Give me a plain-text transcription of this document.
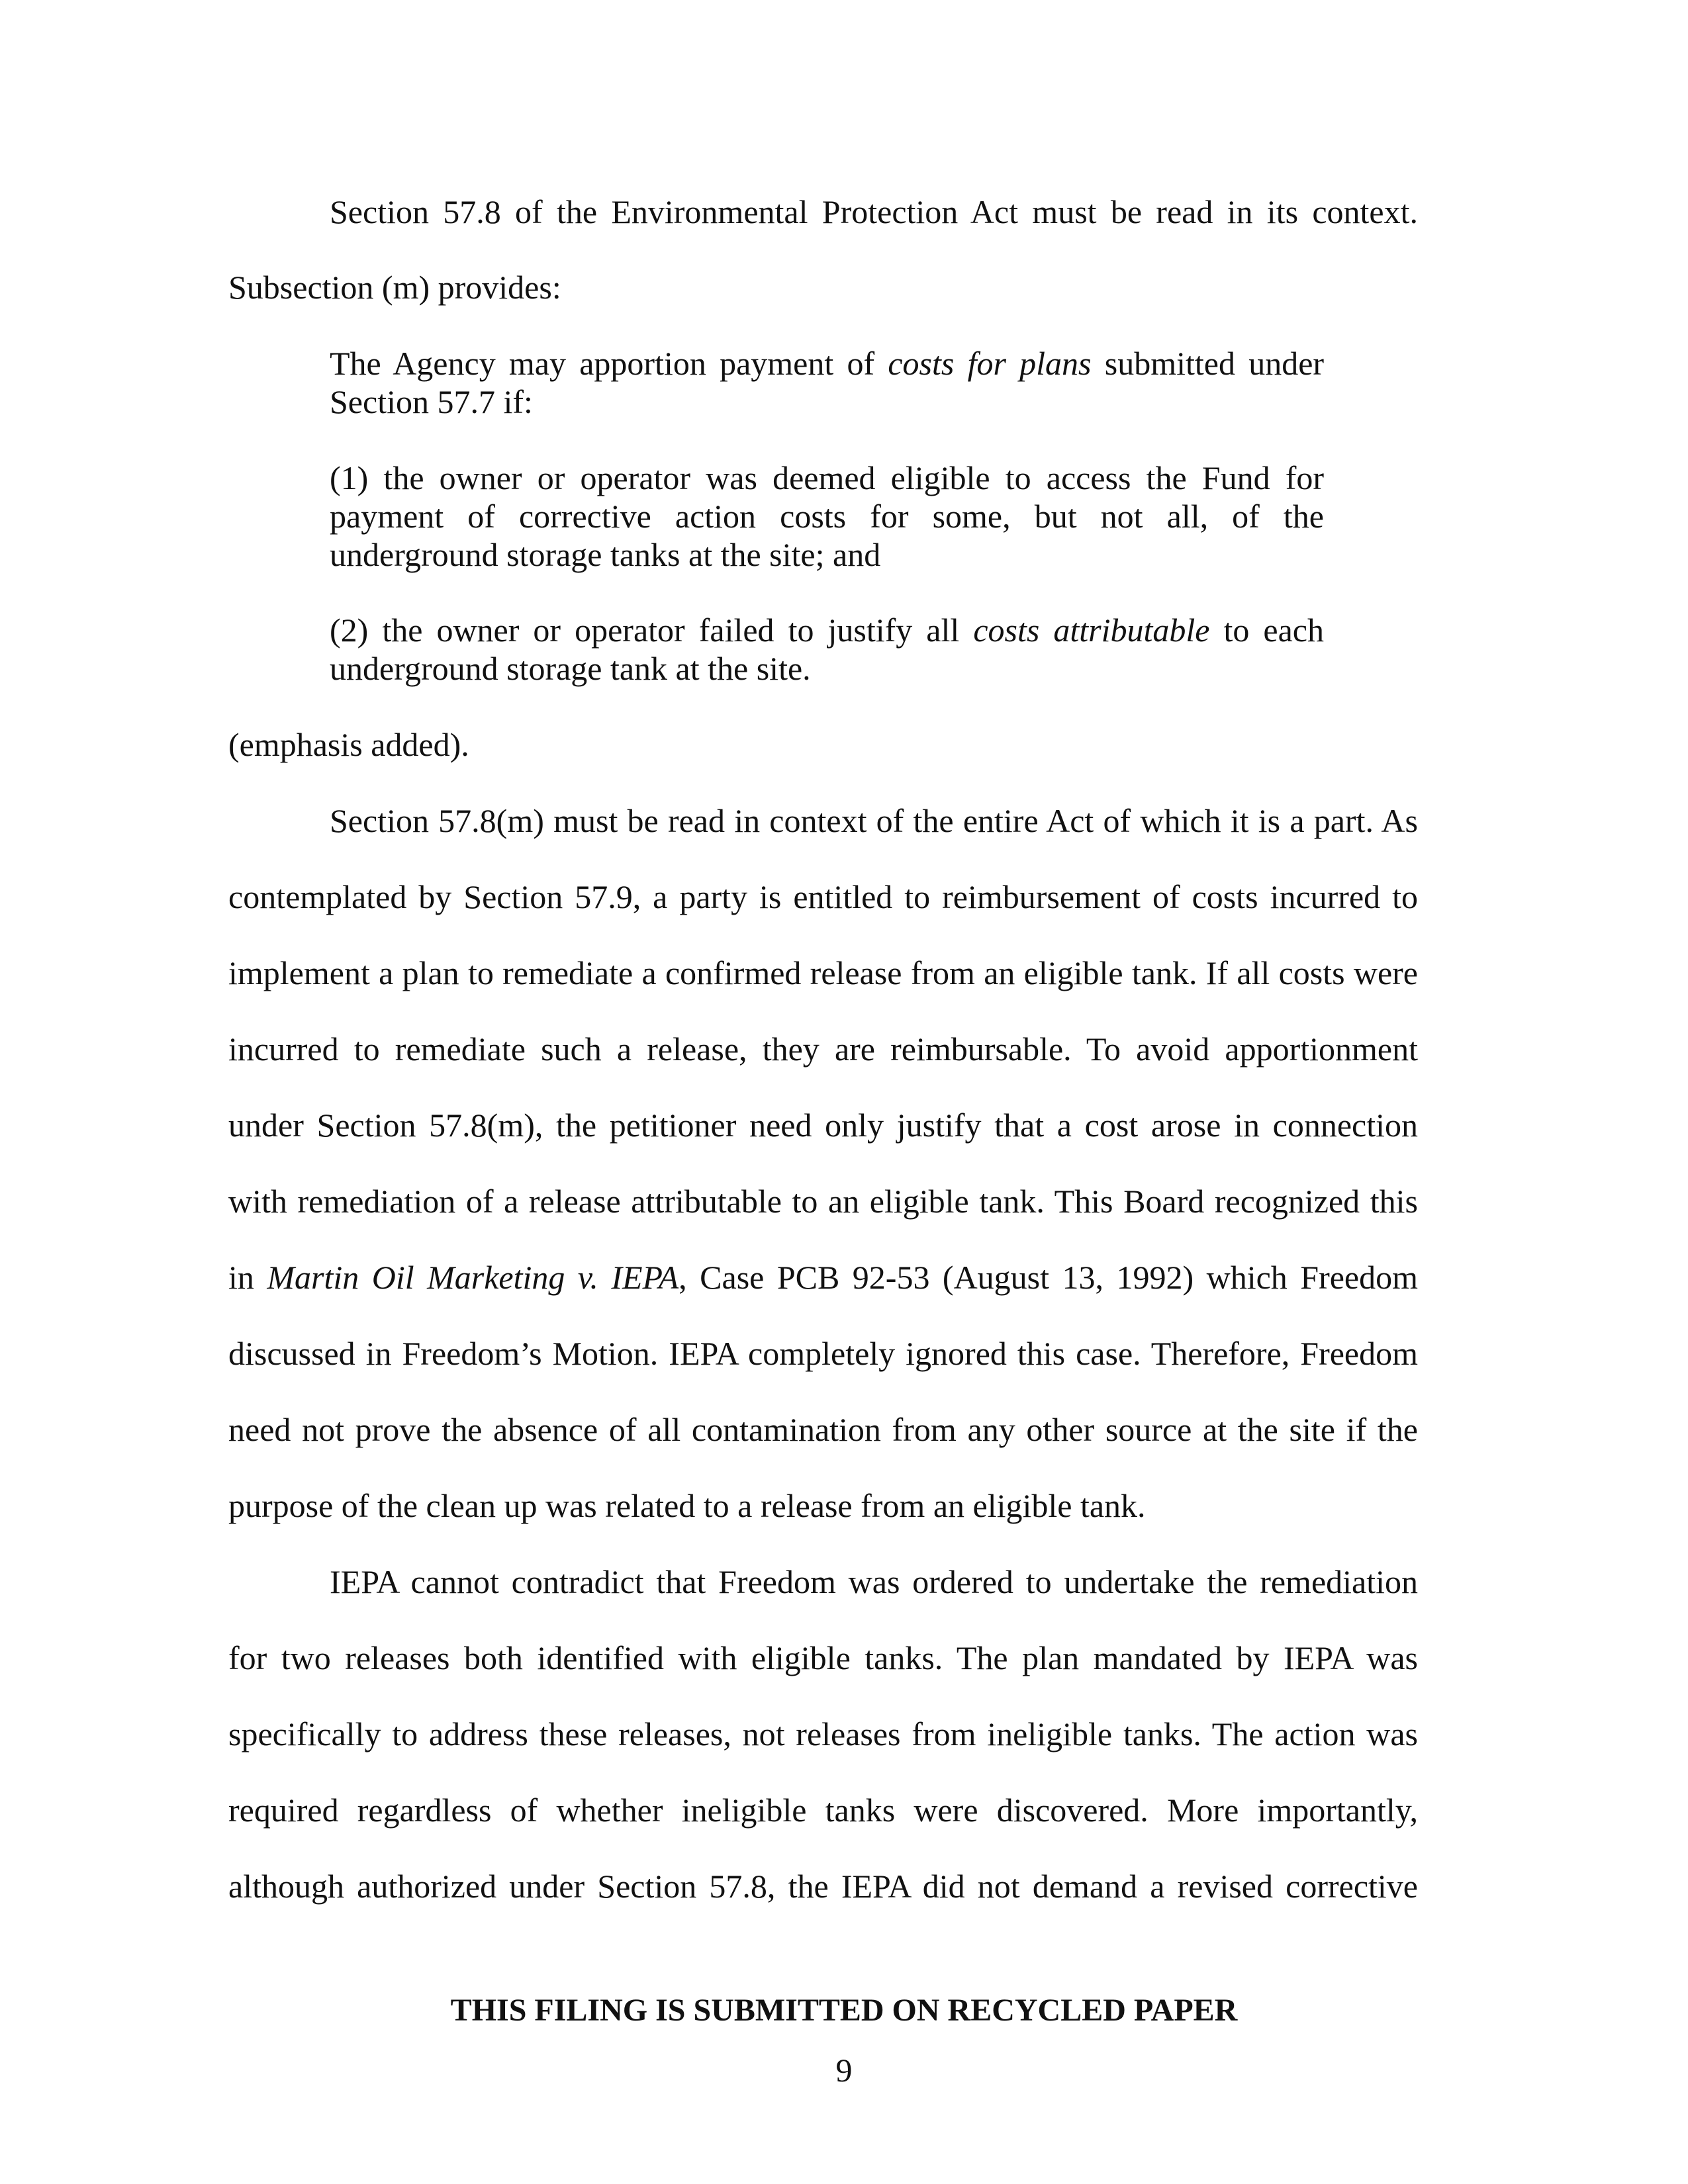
Section 57.8 of the Environmental Protection Act must be read in its context.

Subsection (m) provides:

The Agency may apportion payment of costs for plans submitted under

Section 57.7 if:

(1) the owner or operator was deemed eligible to access the Fund for

payment of corrective action costs for some, but not all, of the

underground storage tanks at the site; and

(2) the owner or operator failed to justify all costs attributable to each

underground storage tank at the site.

(emphasis added).

Section 57.8(m) must be read in context of the entire Act of which it is a part. As

contemplated by Section 57.9, a party is entitled to reimbursement of costs incurred to

implement a plan to remediate a confirmed release from an eligible tank. If all costs were

incurred to remediate such a release, they are reimbursable. To avoid apportionment

under Section 57.8(m), the petitioner need only justify that a cost arose in connection

with remediation of a release attributable to an eligible tank. This Board recognized this

in Martin Oil Marketing v. IEPA, Case PCB 92-53 (August 13, 1992) which Freedom

discussed in Freedom’s Motion. IEPA completely ignored this case. Therefore, Freedom

need not prove the absence of all contamination from any other source at the site if the

purpose of the clean up was related to a release from an eligible tank.

IEPA cannot contradict that Freedom was ordered to undertake the remediation

for two releases both identified with eligible tanks. The plan mandated by IEPA was

specifically to address these releases, not releases from ineligible tanks. The action was

required regardless of whether ineligible tanks were discovered. More importantly,

although authorized under Section 57.8, the IEPA did not demand a revised corrective

THIS FILING IS SUBMITTED ON RECYCLED PAPER

9
